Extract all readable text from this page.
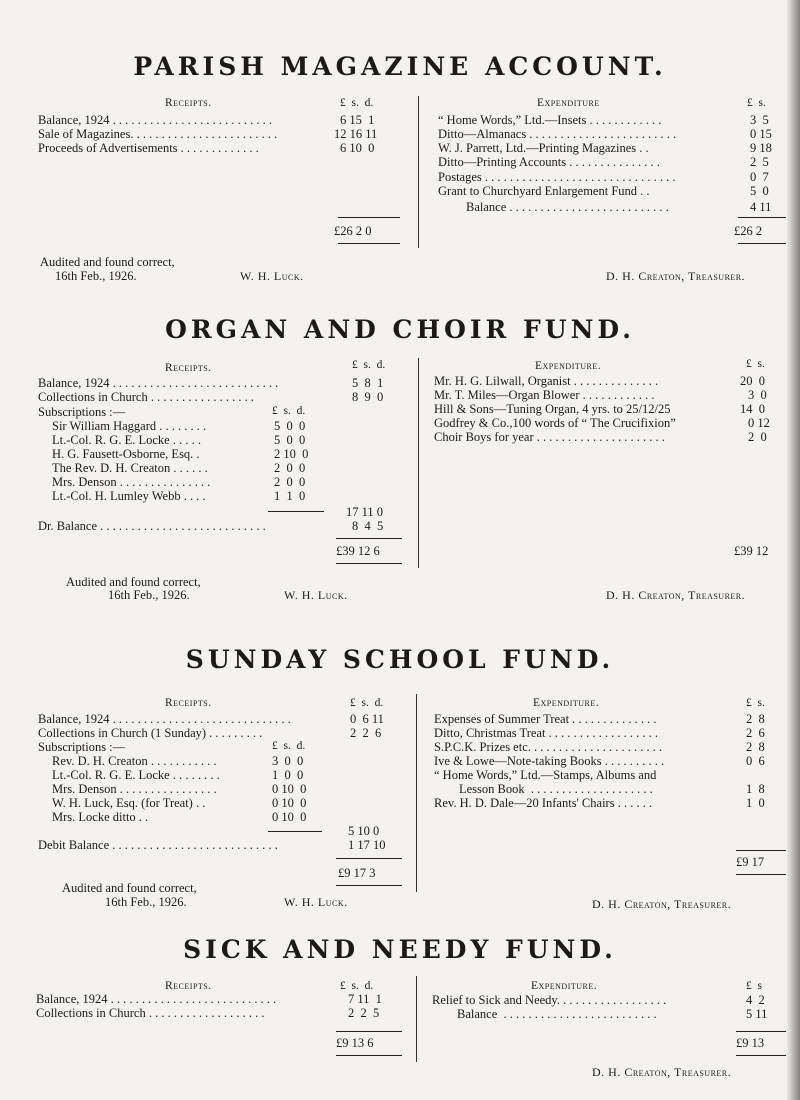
PARISH MAGAZINE ACCOUNT.
Receipts.	£  s.  d.
Balance, 1924 . . . . . . . . . . . . . . . . . . . . . . . . . .	6 15  1
Sale of Magazines. . . . . . . . . . . . . . . . . . . . . . . .	12 16 11
Proceeds of Advertisements . . . . . . . . . . . . .	6 10  0
£26 2 0
Expenditure	£  s.
“ Home Words,” Ltd.—Insets . . . . . . . . . . . .	3  5
Ditto—Almanacs . . . . . . . . . . . . . . . . . . . . . . . .	0 15
W. J. Parrett, Ltd.—Printing Magazines . .	9 18
Ditto—Printing Accounts . . . . . . . . . . . . . . .	2  5
Postages . . . . . . . . . . . . . . . . . . . . . . . . . . . . . . .	0  7
Grant to Churchyard Enlargement Fund . .	5  0
Balance . . . . . . . . . . . . . . . . . . . . . . . . . .	4 11
£26 2
Audited and found correct,
16th Feb., 1926.	W. H. Luck.	D. H. Creaton, Treasurer.
ORGAN AND CHOIR FUND.
Receipts.	£  s.  d.
Balance, 1924 . . . . . . . . . . . . . . . . . . . . . . . . . . .	5  8  1
Collections in Church . . . . . . . . . . . . . . . . .	8  9  0
Subscriptions :—	£  s.  d.
Sir William Haggard . . . . . . . .	5  0  0
Lt.-Col. R. G. E. Locke . . . . .	5  0  0
H. G. Fausett-Osborne, Esq. .	2 10  0
The Rev. D. H. Creaton . . . . . .	2  0  0
Mrs. Denson . . . . . . . . . . . . . . .	2  0  0
Lt.-Col. H. Lumley Webb . . . .	1  1  0
17 11 0
Dr. Balance . . . . . . . . . . . . . . . . . . . . . . . . . . .	8  4  5
£39 12 6
Expenditure.	£  s.
Mr. H. G. Lilwall, Organist . . . . . . . . . . . . . .	20  0
Mr. T. Miles—Organ Blower . . . . . . . . . . . .	3  0
Hill & Sons—Tuning Organ, 4 yrs. to 25/12/25	14  0
Godfrey & Co.,100 words of “ The Crucifixion”	0 12
Choir Boys for year . . . . . . . . . . . . . . . . . . . . .	2  0
£39 12
Audited and found correct,
16th Feb., 1926.	W. H. Luck.	D. H. Creaton, Treasurer.
SUNDAY SCHOOL FUND.
Receipts.	£  s.  d.
Balance, 1924 . . . . . . . . . . . . . . . . . . . . . . . . . . . . .	0  6 11
Collections in Church (1 Sunday) . . . . . . . . .	2  2  6
Subscriptions :—	£  s.  d.
Rev. D. H. Creaton . . . . . . . . . . .	3  0  0
Lt.-Col. R. G. E. Locke . . . . . . . .	1  0  0
Mrs. Denson . . . . . . . . . . . . . . . .	0 10  0
W. H. Luck, Esq. (for Treat) . .	0 10  0
Mrs. Locke ditto . .	0 10  0
5 10 0
Debit Balance . . . . . . . . . . . . . . . . . . . . . . . . . . .	1 17 10
£9 17 3
Expenditure.	£  s.
Expenses of Summer Treat . . . . . . . . . . . . . .	2  8
Ditto, Christmas Treat . . . . . . . . . . . . . . . . . .	2  6
S.P.C.K. Prizes etc. . . . . . . . . . . . . . . . . . . . . .	2  8
Ive & Lowe—Note-taking Books . . . . . . . . . .	0  6
“ Home Words,” Ltd.—Stamps, Albums and
Lesson Book  . . . . . . . . . . . . . . . . . . . .	1  8
Rev. H. D. Dale—20 Infants' Chairs . . . . . .	1  0
£9 17
Audited and found correct,
16th Feb., 1926.	W. H. Luck.	D. H. Creaton, Treasurer.
SICK AND NEEDY FUND.
Receipts.	£  s.  d.
Balance, 1924 . . . . . . . . . . . . . . . . . . . . . . . . . . .	7 11  1
Collections in Church . . . . . . . . . . . . . . . . . . .	2  2  5
£9 13 6
Expenditure.	£  s
Relief to Sick and Needy. . . . . . . . . . . . . . . . . .	4  2
Balance  . . . . . . . . . . . . . . . . . . . . . . . . .	5 11
£9 13
D. H. Creaton, Treasurer.
